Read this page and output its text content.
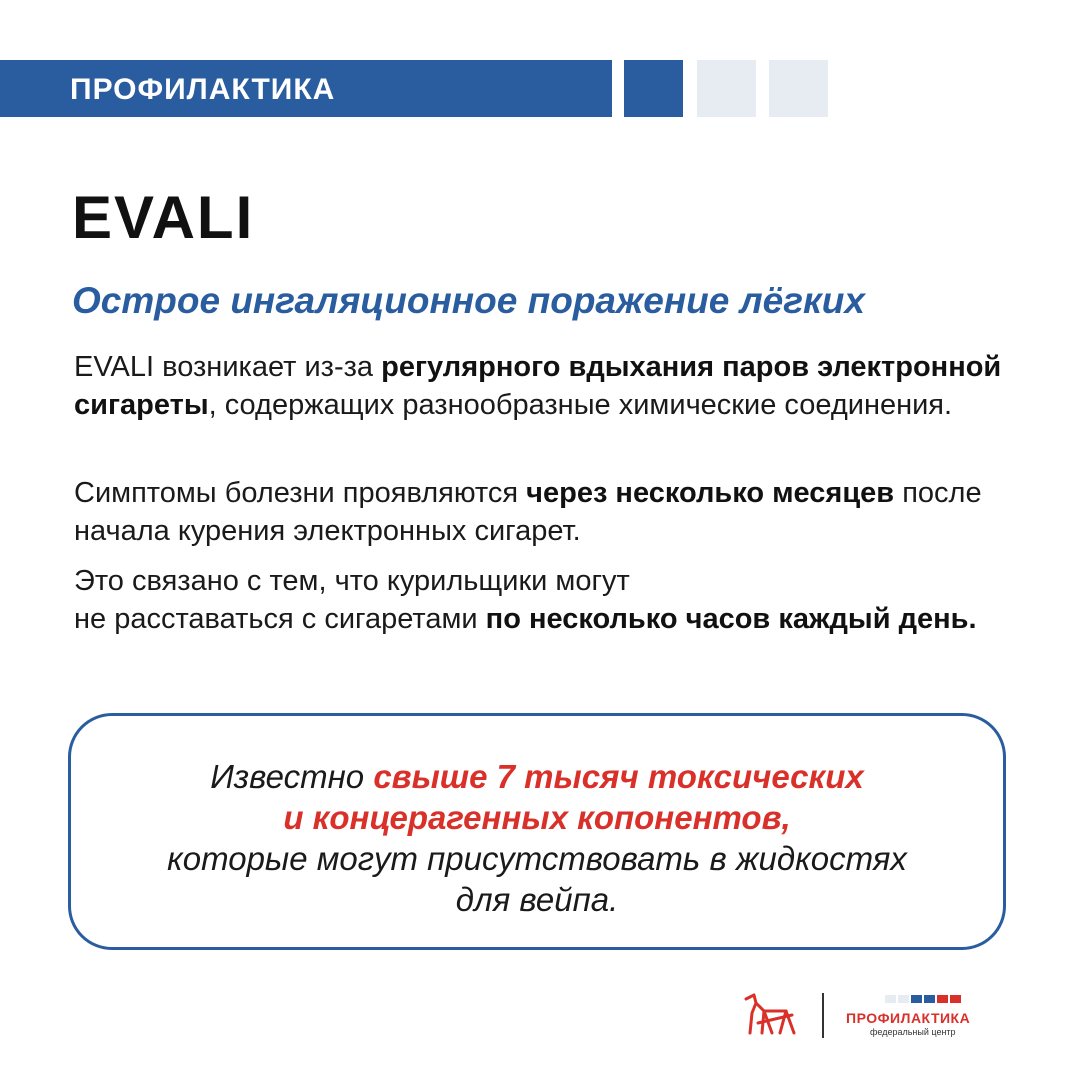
ПРОФИЛАКТИКА
EVALI
Острое ингаляционное поражение лёгких
EVALI возникает из-за регулярного вдыхания паров электронной сигареты, содержащих разнообразные химические соединения.
Симптомы болезни проявляются через несколько месяцев после начала курения электронных сигарет.
Это связано с тем, что курильщики могут
не расставаться с сигаретами по несколько часов каждый день.
Известно свыше 7 тысяч токсических
и концерагенных копонентов,
которые могут присутствовать в жидкостях
для вейпа.
ПРОФИЛАКТИКА
федеральный центр
